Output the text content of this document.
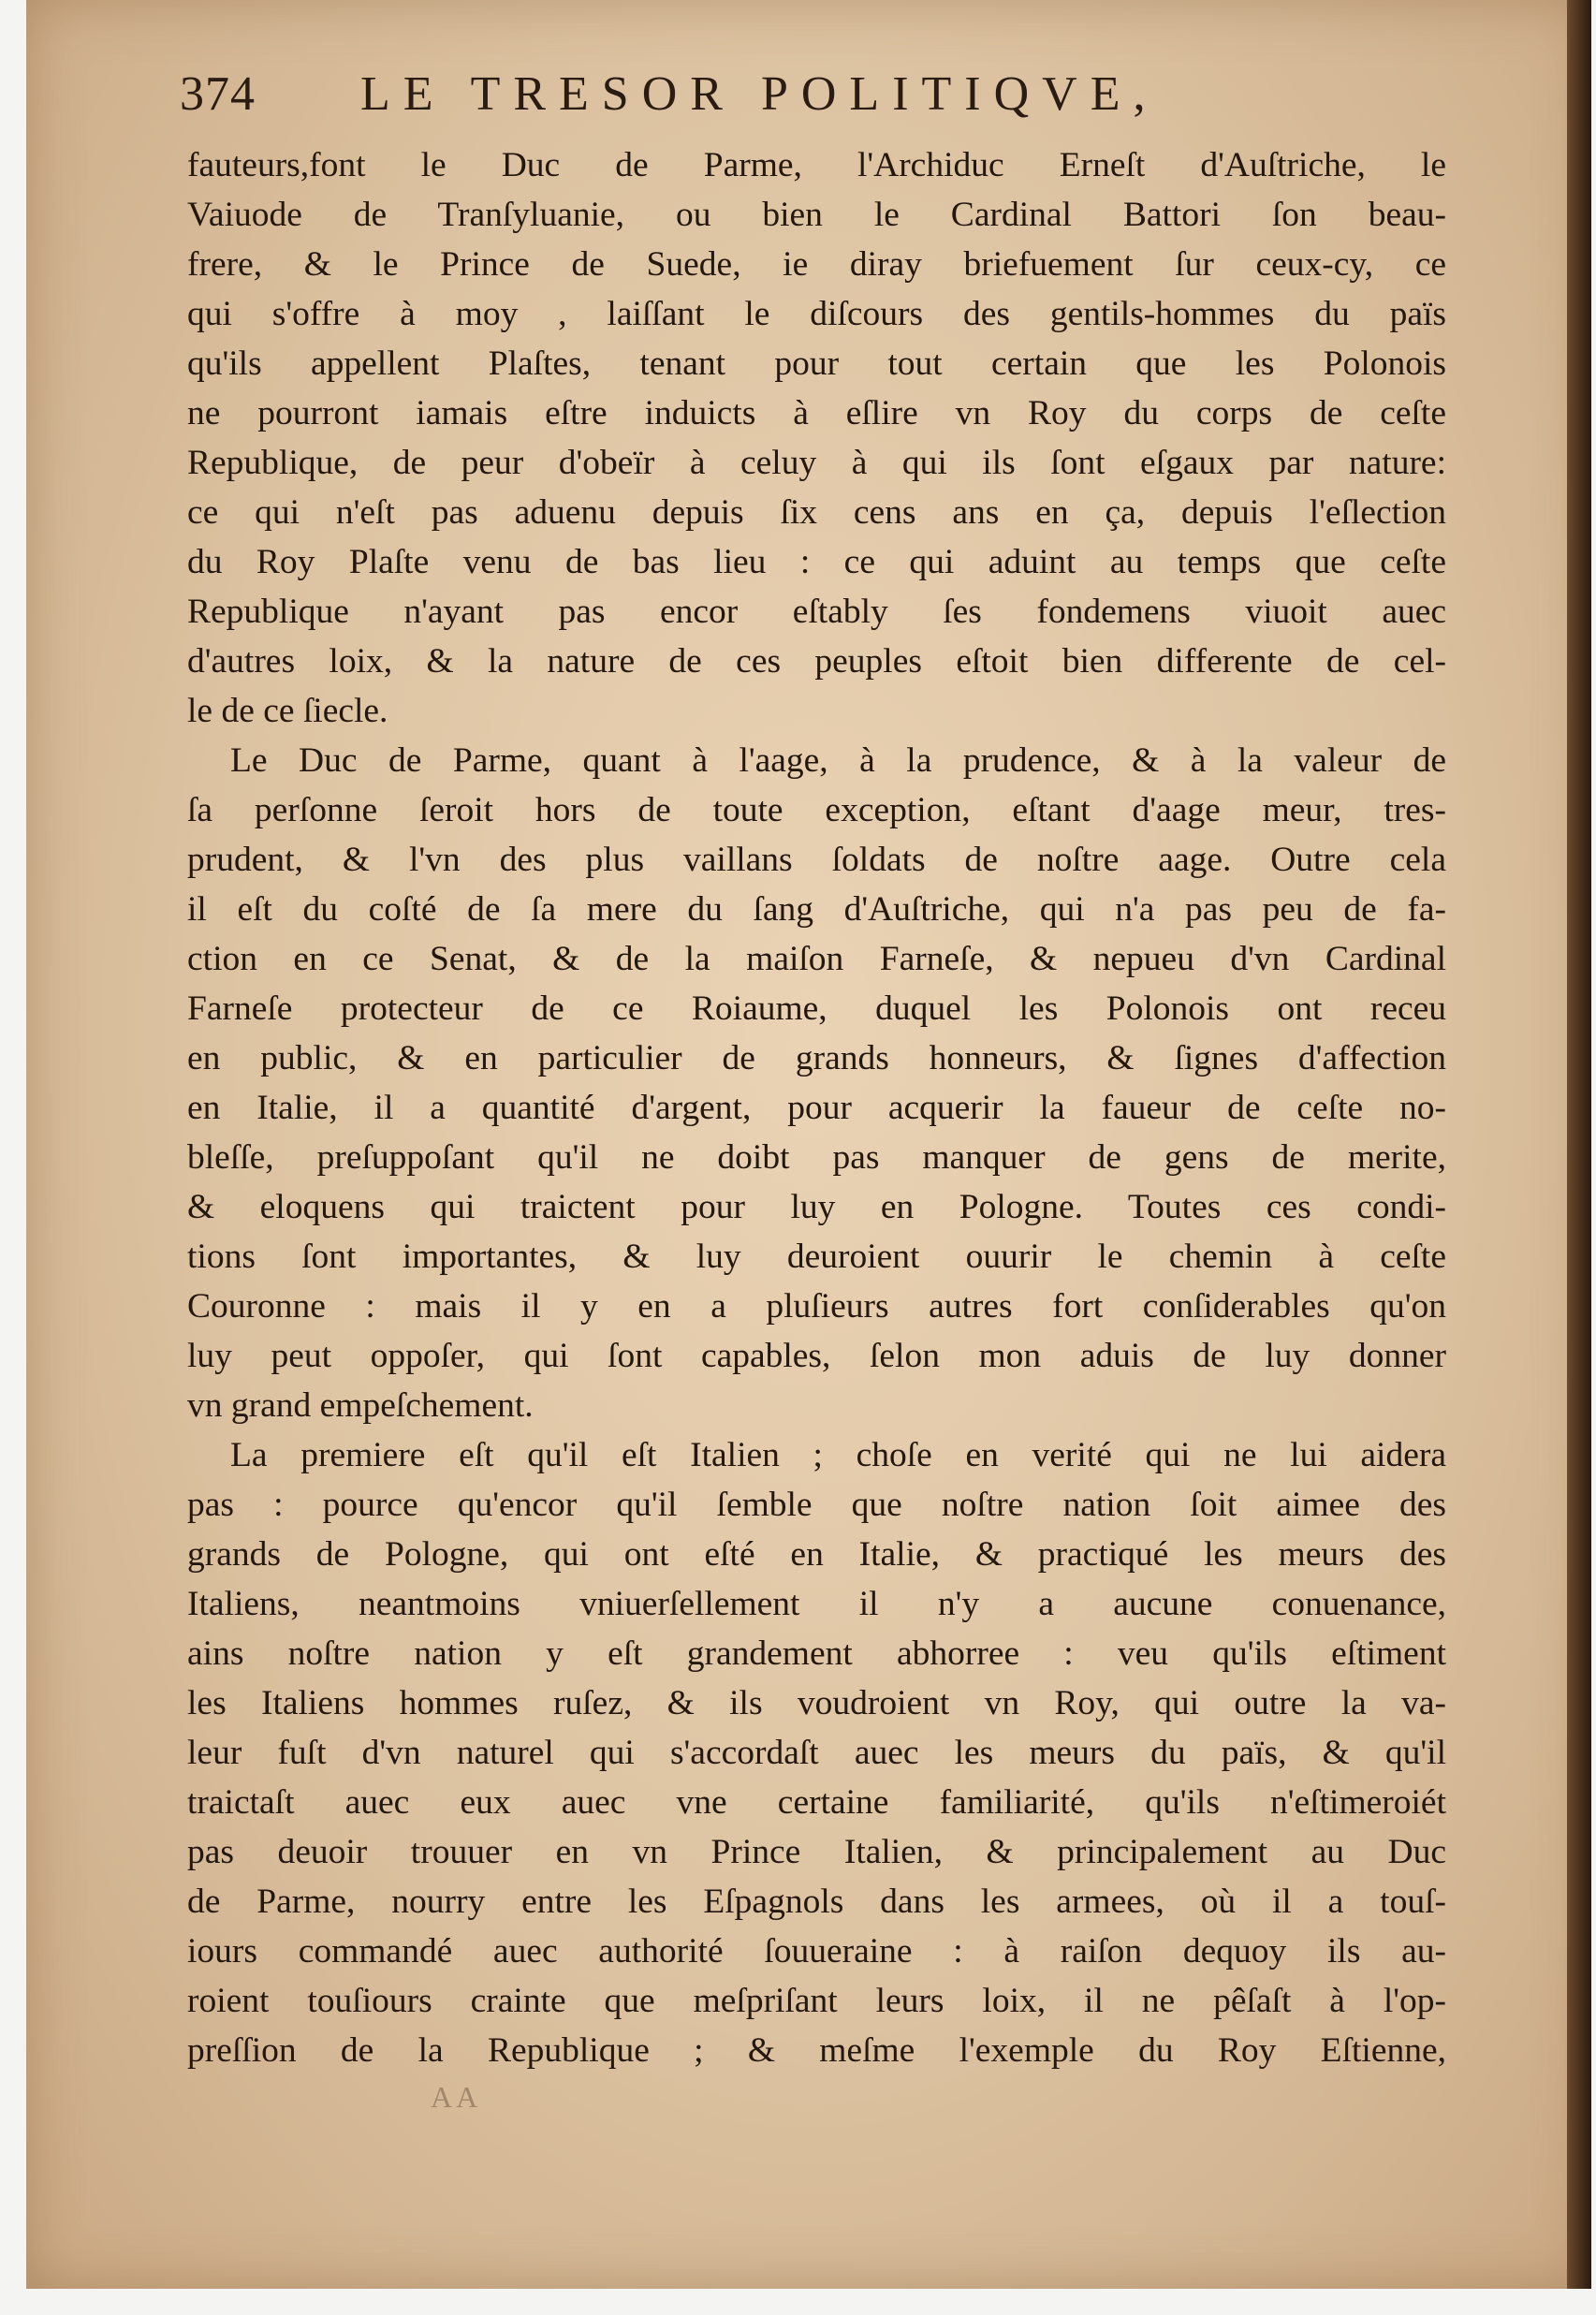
374 LE TRESOR POLITIQVE,

fauteurs,font le Duc de Parme, l'Archiduc Erneſt d'Auſtriche, le
Vaiuode de Tranſyluanie, ou bien le Cardinal Battori ſon beau-
frere, & le Prince de Suede, ie diray briefuement ſur ceux-cy, ce
qui s'offre à moy , laiſſant le diſcours des gentils-hommes du païs
qu'ils appellent Plaſtes, tenant pour tout certain que les Polonois
ne pourront iamais eſtre induicts à eſlire vn Roy du corps de ceſte
Republique, de peur d'obeïr à celuy à qui ils ſont eſgaux par nature:
ce qui n'eſt pas aduenu depuis ſix cens ans en ça, depuis l'eſlection
du Roy Plaſte venu de bas lieu : ce qui aduint au temps que ceſte
Republique n'ayant pas encor eſtably ſes fondemens viuoit auec
d'autres loix, & la nature de ces peuples eſtoit bien differente de cel-
le de ce ſiecle.

Le Duc de Parme, quant à l'aage, à la prudence, & à la valeur de
ſa perſonne ſeroit hors de toute exception, eſtant d'aage meur, tres-
prudent, & l'vn des plus vaillans ſoldats de noſtre aage. Outre cela
il eſt du coſté de ſa mere du ſang d'Auſtriche, qui n'a pas peu de fa-
ction en ce Senat, & de la maiſon Farneſe, & nepueu d'vn Cardinal
Farneſe protecteur de ce Roiaume, duquel les Polonois ont receu
en public, & en particulier de grands honneurs, & ſignes d'affection
en Italie, il a quantité d'argent, pour acquerir la faueur de ceſte no-
bleſſe, preſuppoſant qu'il ne doibt pas manquer de gens de merite,
& eloquens qui traictent pour luy en Pologne. Toutes ces condi-
tions ſont importantes, & luy deuroient ouurir le chemin à ceſte
Couronne : mais il y en a pluſieurs autres fort conſiderables qu'on
luy peut oppoſer, qui ſont capables, ſelon mon aduis de luy donner
vn grand empeſchement.

La premiere eſt qu'il eſt Italien ; choſe en verité qui ne lui aidera
pas : pource qu'encor qu'il ſemble que noſtre nation ſoit aimee des
grands de Pologne, qui ont eſté en Italie, & practiqué les meurs des
Italiens, neantmoins vniuerſellement il n'y a aucune conuenance,
ains noſtre nation y eſt grandement abhorree : veu qu'ils eſtiment
les Italiens hommes ruſez, & ils voudroient vn Roy, qui outre la va-
leur fuſt d'vn naturel qui s'accordaſt auec les meurs du païs, & qu'il
traictaſt auec eux auec vne certaine familiarité, qu'ils n'eſtimeroiét
pas deuoir trouuer en vn Prince Italien, & principalement au Duc
de Parme, nourry entre les Eſpagnols dans les armees, où il a touſ-
iours commandé auec authorité ſouueraine : à raiſon dequoy ils au-
roient touſiours crainte que meſpriſant leurs loix, il ne pêſaſt à l'op-
preſſion de la Republique ; & meſme l'exemple du Roy Eſtienne,

AA
